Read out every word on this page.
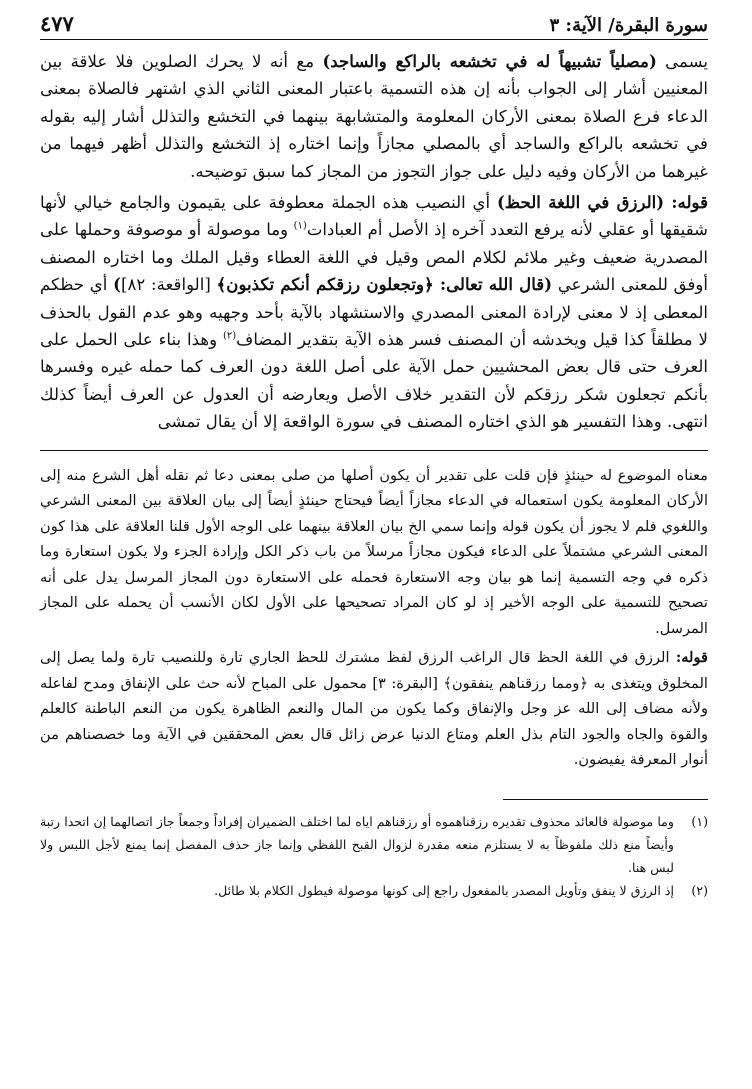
سورة البقرة/ الآية: ٣
٤٧٧

يسمى (مصلياً تشبيهاً له في تخشعه بالراكع والساجد) مع أنه لا يحرك الصلوين فلا علاقة بين المعنيين أشار إلى الجواب بأنه إن هذه التسمية باعتبار المعنى الثاني الذي اشتهر فالصلاة بمعنى الدعاء فرع الصلاة بمعنى الأركان المعلومة والمتشابهة بينهما في التخشع والتذلل أشار إليه بقوله في تخشعه بالراكع والساجد أي بالمصلي مجازاً وإنما اختاره إذ التخشع والتذلل أظهر فيهما من غيرهما من الأركان وفيه دليل على جواز التجوز من المجاز كما سبق توضيحه.

قوله: (الرزق في اللغة الحظ) أي النصيب هذه الجملة معطوفة على يقيمون والجامع خيالي لأنها شقيقها أو عقلي لأنه يرفع التعدد آخره إذ الأصل أم العبادات$^{(١)}$ وما موصولة أو موصوفة وحملها على المصدرية ضعيف وغير ملائم لكلام المص وقيل في اللغة العطاء وقيل الملك وما اختاره المصنف أوفق للمعنى الشرعي (قال الله تعالى: ﴿وتجعلون رزقكم أنكم تكذبون﴾ [الواقعة: ٨٢]) أي حظكم المعطى إذ لا معنى لإرادة المعنى المصدري والاستشهاد بالآية بأحد وجهيه وهو عدم القول بالحذف لا مطلقاً كذا قيل ويخدشه أن المصنف فسر هذه الآية بتقدير المضاف$^{(٢)}$ وهذا بناء على الحمل على العرف حتى قال بعض المحشيين حمل الآية على أصل اللغة دون العرف كما حمله غيره وفسرها بأنكم تجعلون شكر رزقكم لأن التقدير خلاف الأصل ويعارضه أن العدول عن العرف أيضاً كذلك انتهى. وهذا التفسير هو الذي اختاره المصنف في سورة الواقعة إلا أن يقال تمشى

معناه الموضوع له حينئذٍ فإن قلت على تقدير أن يكون أصلها من صلى بمعنى دعا ثم نقله أهل الشرع منه إلى الأركان المعلومة يكون استعماله في الدعاء مجازاً أيضاً فيحتاج حينئذٍ أيضاً إلى بيان العلاقة بين المعنى الشرعي واللغوي فلم لا يجوز أن يكون قوله وإنما سمي الخ بيان العلاقة بينهما على الوجه الأول قلنا العلاقة على هذا كون المعنى الشرعي مشتملاً على الدعاء فيكون مجازاً مرسلاً من باب ذكر الكل وإرادة الجزء ولا يكون استعارة وما ذكره في وجه التسمية إنما هو بيان وجه الاستعارة فحمله على الاستعارة دون المجاز المرسل يدل على أنه تصحيح للتسمية على الوجه الأخير إذ لو كان المراد تصحيحها على الأول لكان الأنسب أن يحمله على المجاز المرسل.

قوله: الرزق في اللغة الحظ قال الراغب الرزق لفظ مشترك للحظ الجاري تارة وللنصيب تارة ولما يصل إلى المخلوق ويتغذى به ﴿ومما رزقناهم ينفقون﴾ [البقرة: ٣] محمول على المباح لأنه حث على الإنفاق ومدح لفاعله ولأنه مضاف إلى الله عز وجل والإنفاق وكما يكون من المال والنعم الظاهرة يكون من النعم الباطنة كالعلم والقوة والجاه والجود التام بذل العلم ومتاع الدنيا عرض زائل قال بعض المحققين في الآية وما خصصناهم من أنوار المعرفة يفيضون.

(١)
وما موصولة فالعائد محذوف تقديره رزقناهموه أو رزقناهم اياه لما اختلف الضميران إفراداً وجمعاً جاز اتصالهما إن اتحدا رتبة وأيضاً منع ذلك ملفوظاً به لا يستلزم منعه مقدرة لزوال القبح اللفظي وإنما جاز حذف المفصل إنما يمنع لأجل اللبس ولا لبس هنا.
(٢)
إذ الرزق لا ينفق وتأويل المصدر بالمفعول راجع إلى كونها موصولة فيطول الكلام بلا طائل.
